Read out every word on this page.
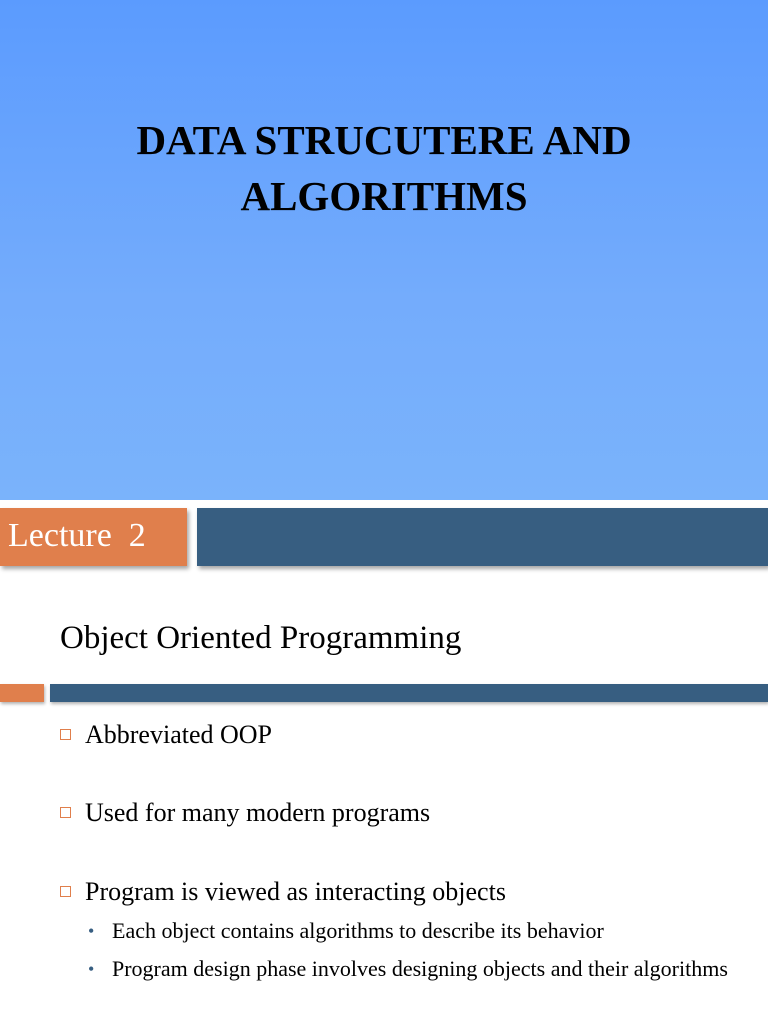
DATA STRUCUTERE AND
ALGORITHMS
Lecture  2
Object Oriented Programming
Abbreviated OOP
Used for many modern programs
Program is viewed as interacting objects
• Each object contains algorithms to describe its behavior
• Program design phase involves designing objects and their algorithms
